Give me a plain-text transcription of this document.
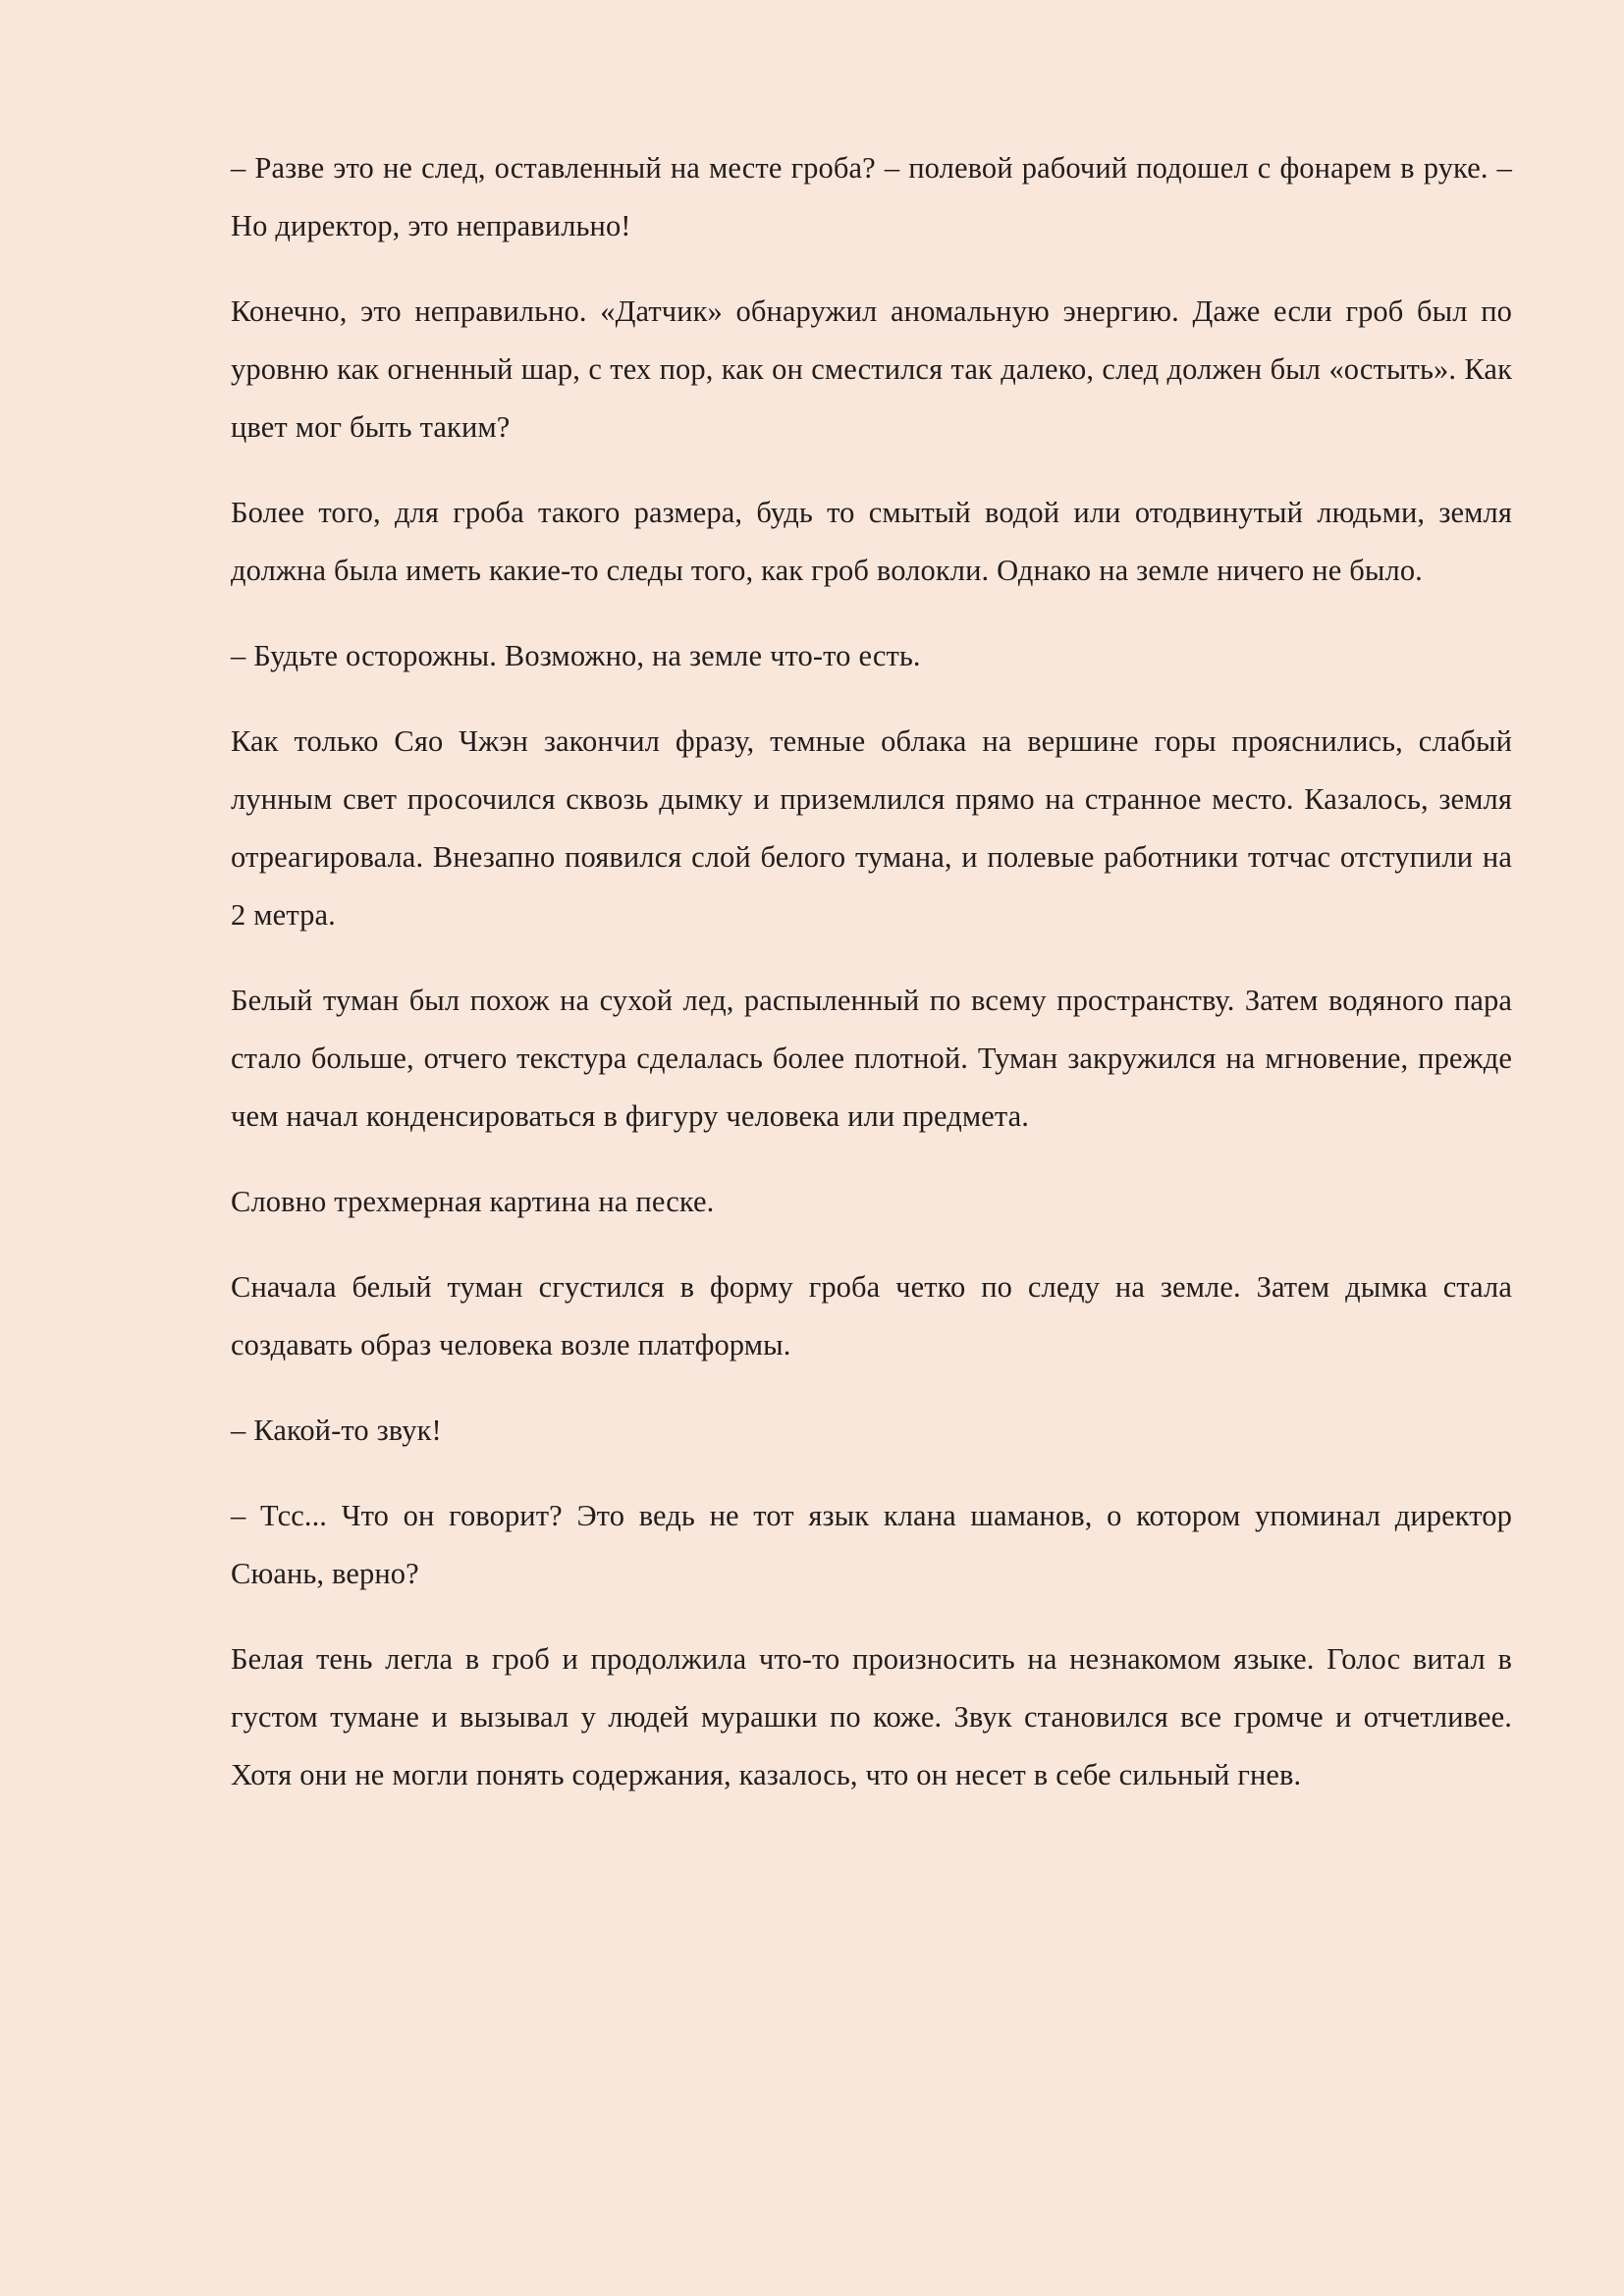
– Разве это не след, оставленный на месте гроба? – полевой рабочий подошел с фонарем в руке. – Но директор, это неправильно!

Конечно, это неправильно. «Датчик» обнаружил аномальную энергию. Даже если гроб был по уровню как огненный шар, с тех пор, как он сместился так далеко, след должен был «остыть». Как цвет мог быть таким?

Более того, для гроба такого размера, будь то смытый водой или отодвинутый людьми, земля должна была иметь какие-то следы того, как гроб волокли. Однако на земле ничего не было.

– Будьте осторожны. Возможно, на земле что-то есть.

Как только Сяо Чжэн закончил фразу, темные облака на вершине горы прояснились, слабый лунным свет просочился сквозь дымку и приземлился прямо на странное место. Казалось, земля отреагировала. Внезапно появился слой белого тумана, и полевые работники тотчас отступили на 2 метра.

Белый туман был похож на сухой лед, распыленный по всему пространству. Затем водяного пара стало больше, отчего текстура сделалась более плотной. Туман закружился на мгновение, прежде чем начал конденсироваться в фигуру человека или предмета.

Словно трехмерная картина на песке.

Сначала белый туман сгустился в форму гроба четко по следу на земле. Затем дымка стала создавать образ человека возле платформы.

– Какой-то звук!

– Тсс... Что он говорит? Это ведь не тот язык клана шаманов, о котором упоминал директор Сюань, верно?

Белая тень легла в гроб и продолжила что-то произносить на незнакомом языке. Голос витал в густом тумане и вызывал у людей мурашки по коже. Звук становился все громче и отчетливее. Хотя они не могли понять содержания, казалось, что он несет в себе сильный гнев.
